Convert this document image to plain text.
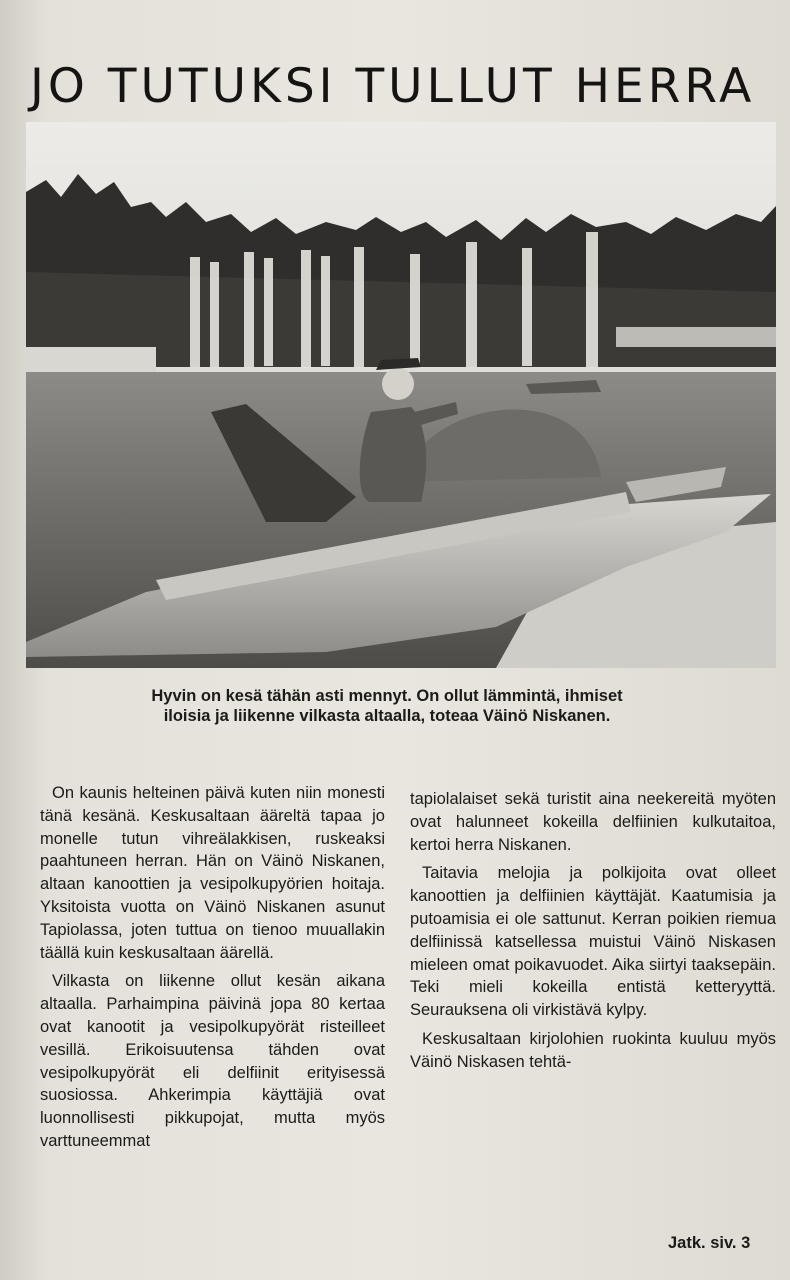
JO TUTUKSI TULLUT HERRA
Hyvin on kesä tähän asti mennyt. On ollut lämmintä, ihmiset
iloisia ja liikenne vilkasta altaalla, toteaa Väinö Niskanen.

On kaunis helteinen päivä kuten niin monesti tänä kesänä. Keskusaltaan ääreltä tapaa jo monelle tutun vihreälakkisen, ruskeaksi paahtuneen herran. Hän on Väinö Niskanen, altaan kanoottien ja vesipolkupyörien hoitaja. Yksitoista vuotta on Väinö Niskanen asunut Tapiolassa, joten tuttua on tienoo muuallakin täällä kuin keskusaltaan äärellä.

Vilkasta on liikenne ollut kesän aikana altaalla. Parhaimpina päivinä jopa 80 kertaa ovat kanootit ja vesipolkupyörät risteilleet vesillä. Erikoisuutensa tähden ovat vesipolkupyörät eli delfiinit erityisessä suosiossa. Ahkerimpia käyttäjiä ovat luonnollisesti pikkupojat, mutta myös varttuneemmat

tapiolalaiset sekä turistit aina neekereitä myöten ovat halunneet kokeilla delfiinien kulkutaitoa, kertoi herra Niskanen.

Taitavia melojia ja polkijoita ovat olleet kanoottien ja delfiinien käyttäjät. Kaatumisia ja putoamisia ei ole sattunut. Kerran poikien riemua delfiinissä katsellessa muistui Väinö Niskasen mieleen omat poikavuodet. Aika siirtyi taaksepäin. Teki mieli kokeilla entistä ketteryyttä. Seurauksena oli virkistävä kylpy.

Keskusaltaan kirjolohien ruokinta kuuluu myös Väinö Niskasen tehtä-

Jatk. siv. 3
